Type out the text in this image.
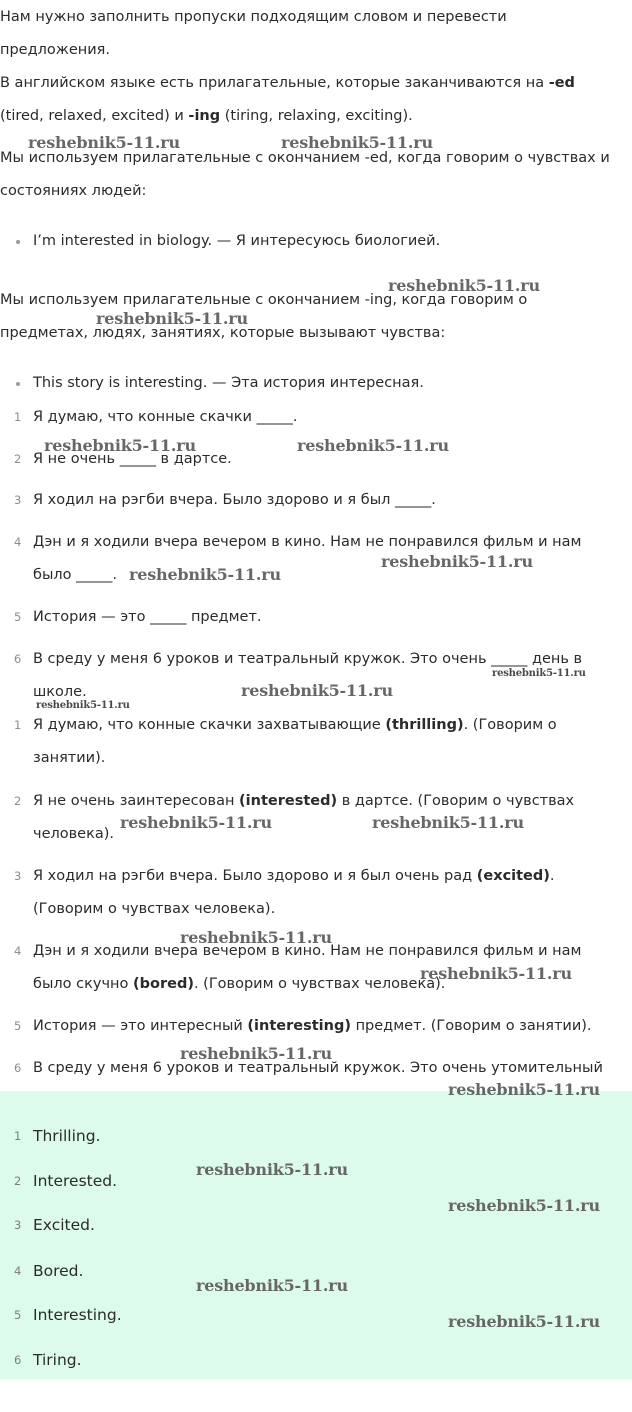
Нам нужно заполнить пропуски подходящим словом и перевести
предложения.
В английском языке есть прилагательные, которые заканчиваются на -ed
(tired, relaxed, excited) и -ing (tiring, relaxing, exciting).
Мы используем прилагательные с окончанием -ed, когда говорим о чувствах и
состояниях людей:
I’m interested in biology. — Я интересуюсь биологией.
Мы используем прилагательные с окончанием -ing, когда говорим о
предметах, людях, занятиях, которые вызывают чувства:
This story is interesting. — Эта история интересная.
1 Я думаю, что конные скачки _____.
2 Я не очень _____ в дартсе.
3 Я ходил на рэгби вчера. Было здорово и я был _____.
4 Дэн и я ходили вчера вечером в кино. Нам не понравился фильм и нам
было _____.
5 История — это _____ предмет.
6 В среду у меня 6 уроков и театральный кружок. Это очень _____ день в
школе.
1 Я думаю, что конные скачки захватывающие (thrilling). (Говорим о
занятии).
2 Я не очень заинтересован (interested) в дартсе. (Говорим о чувствах
человека).
3 Я ходил на рэгби вчера. Было здорово и я был очень рад (excited).
(Говорим о чувствах человека).
4 Дэн и я ходили вчера вечером в кино. Нам не понравился фильм и нам
было скучно (bored). (Говорим о чувствах человека).
5 История — это интересный (interesting) предмет. (Говорим о занятии).
6 В среду у меня 6 уроков и театральный кружок. Это очень утомительный
1 Thrilling.
2 Interested.
3 Excited.
4 Bored.
5 Interesting.
6 Tiring.
reshebnik5-11.ru	reshebnik5-11.ru
reshebnik5-11.ru
reshebnik5-11.ru
reshebnik5-11.ru	reshebnik5-11.ru
reshebnik5-11.ru
reshebnik5-11.ru
reshebnik5-11.ru
reshebnik5-11.ru
reshebnik5-11.ru
reshebnik5-11.ru	reshebnik5-11.ru
reshebnik5-11.ru
reshebnik5-11.ru
reshebnik5-11.ru
reshebnik5-11.ru
reshebnik5-11.ru
reshebnik5-11.ru
reshebnik5-11.ru
reshebnik5-11.ru
